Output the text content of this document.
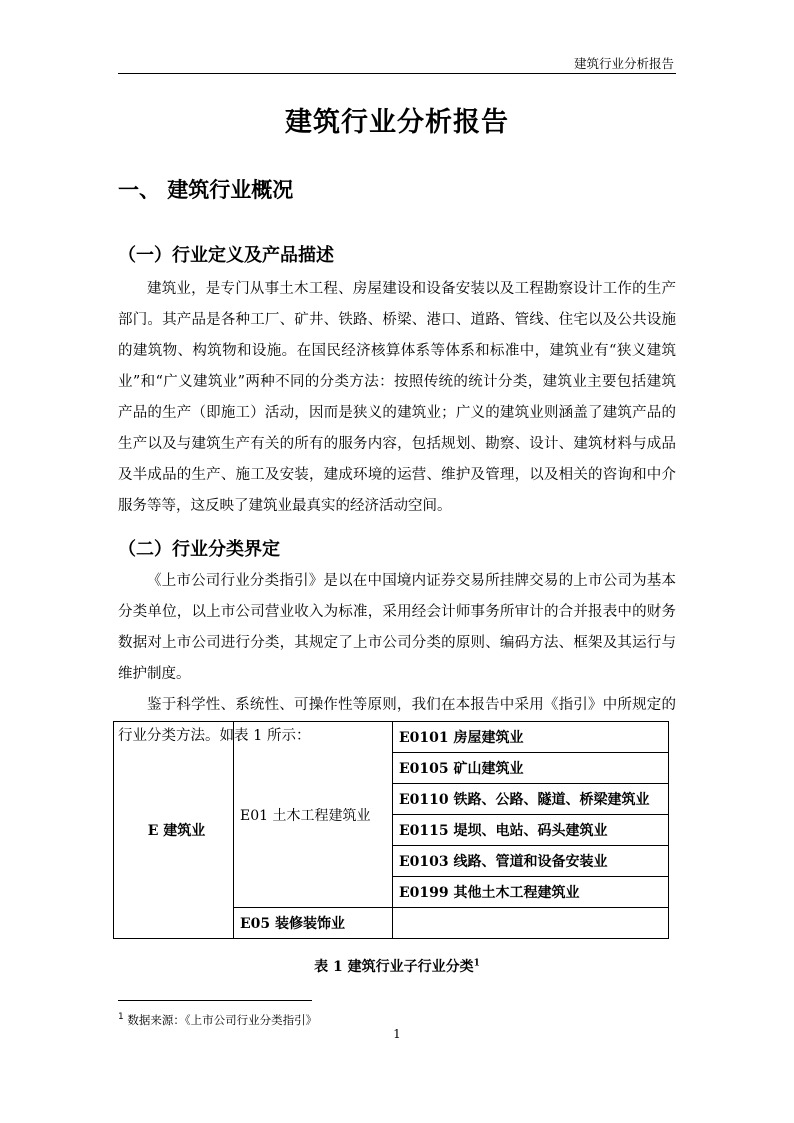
建筑行业分析报告
建筑行业分析报告
一、 建筑行业概况
（一）行业定义及产品描述

建筑业，是专门从事土木工程、房屋建设和设备安装以及工程勘察设计工作的生产部门。其产品是各种工厂、矿井、铁路、桥梁、港口、道路、管线、住宅以及公共设施的建筑物、构筑物和设施。在国民经济核算体系等体系和标准中，建筑业有“狭义建筑业”和“广义建筑业”两种不同的分类方法：按照传统的统计分类，建筑业主要包括建筑产品的生产（即施工）活动，因而是狭义的建筑业；广义的建筑业则涵盖了建筑产品的生产以及与建筑生产有关的所有的服务内容，包括规划、勘察、设计、建筑材料与成品及半成品的生产、施工及安装，建成环境的运营、维护及管理，以及相关的咨询和中介服务等等，这反映了建筑业最真实的经济活动空间。

（二）行业分类界定

《上市公司行业分类指引》是以在中国境内证券交易所挂牌交易的上市公司为基本分类单位，以上市公司营业收入为标准，采用经会计师事务所审计的合并报表中的财务数据对上市公司进行分类，其规定了上市公司分类的原则、编码方法、框架及其运行与维护制度。

鉴于科学性、系统性、可操作性等原则，我们在本报告中采用《指引》中所规定的行业分类方法。如表 1 所示：

E 建筑业	E01 土木工程建筑业	E0101 房屋建筑业
		E0105 矿山建筑业
		E0110 铁路、公路、隧道、桥梁建筑业
		E0115 堤坝、电站、码头建筑业
		E0103 线路、管道和设备安装业
		E0199 其他土木工程建筑业
	E05 装修装饰业	
表 1 建筑行业子行业分类$^1$
$^1$ 数据来源：《上市公司行业分类指引》
1
